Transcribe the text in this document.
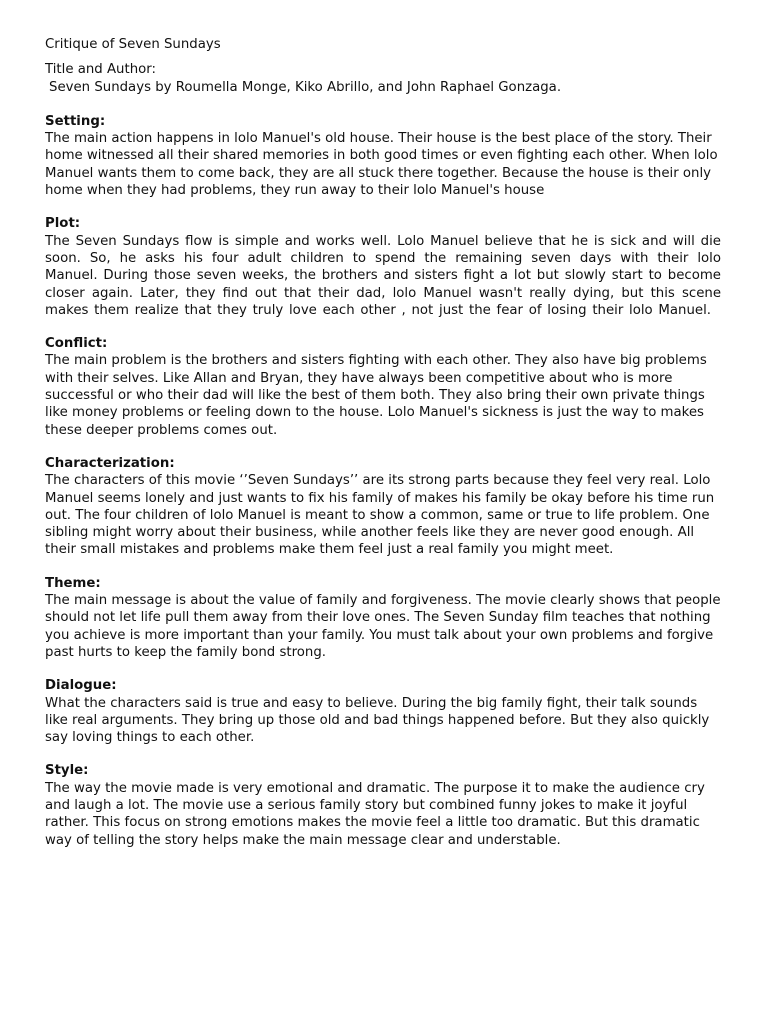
Critique of Seven Sundays

Title and Author:

Seven Sundays by Roumella Monge, Kiko Abrillo, and John Raphael Gonzaga.

Setting:

The main action happens in lolo Manuel's old house. Their house is the best place of the story. Their home witnessed all their shared memories in both good times or even fighting each other. When lolo Manuel wants them to come back, they are all stuck there together. Because the house is their only home when they had problems, they run away to their lolo Manuel's house

Plot:

The Seven Sundays flow is simple and works well. Lolo Manuel believe that he is sick and will die soon. So, he asks his four adult children to spend the remaining seven days with their lolo Manuel. During those seven weeks, the brothers and sisters fight a lot but slowly start to become closer again. Later, they find out that their dad, lolo Manuel wasn't really dying, but this scene makes them realize that they truly love each other , not just the fear of losing their lolo Manuel.

Conflict:

The main problem is the brothers and sisters fighting with each other. They also have big problems with their selves. Like Allan and Bryan, they have always been competitive about who is more successful or who their dad will like the best of them both. They also bring their own private things like money problems or feeling down to the house. Lolo Manuel's sickness is just the way to makes these deeper problems comes out.

Characterization:

The characters of this movie ‘’Seven Sundays’’ are its strong parts because they feel very real. Lolo Manuel seems lonely and just wants to fix his family of makes his family be okay before his time run out. The four children of lolo Manuel is meant to show a common, same or true to life problem. One sibling might worry about their business, while another feels like they are never good enough. All their small mistakes and problems make them feel just a real family you might meet.

Theme:

The main message is about the value of family and forgiveness. The movie clearly shows that people should not let life pull them away from their love ones. The Seven Sunday film teaches that nothing you achieve is more important than your family. You must talk about your own problems and forgive past hurts to keep the family bond strong.

Dialogue:

What the characters said is true and easy to believe. During the big family fight, their talk sounds like real arguments. They bring up those old and bad things happened before. But they also quickly say loving things to each other.

Style:

The way the movie made is very emotional and dramatic. The purpose it to make the audience cry and laugh a lot. The movie use a serious family story but combined funny jokes to make it joyful rather. This focus on strong emotions makes the movie feel a little too dramatic. But this dramatic way of telling the story helps make the main message clear and understable.
